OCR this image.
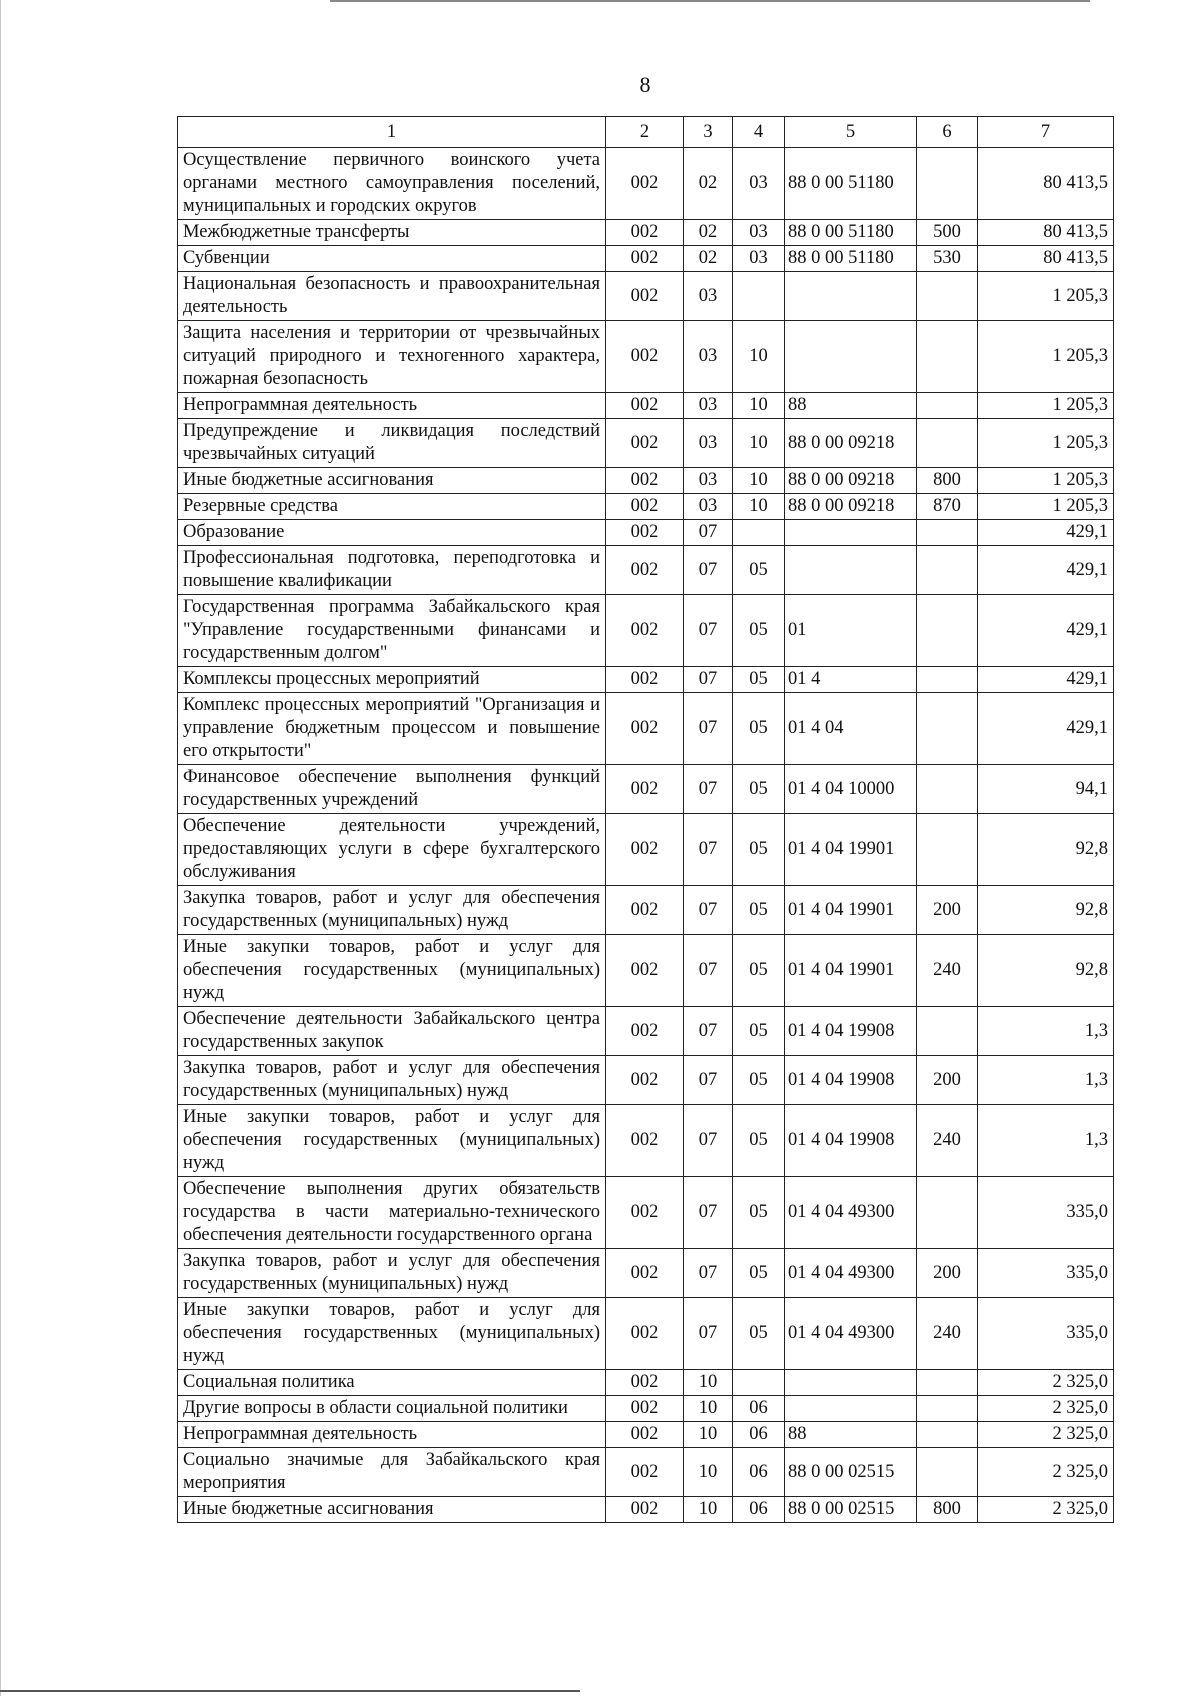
8
1	2	3	4	5	6	7
Осуществление первичного воинского учета органами местного самоуправления поселений, муниципальных и городских округов	002	02	03	88 0 00 51180		80 413,5
Межбюджетные трансферты	002	02	03	88 0 00 51180	500	80 413,5
Субвенции	002	02	03	88 0 00 51180	530	80 413,5
Национальная безопасность и правоохранительная деятельность	002	03				1 205,3
Защита населения и территории от чрезвычайных ситуаций природного и техногенного характера, пожарная безопасность	002	03	10			1 205,3
Непрограммная деятельность	002	03	10	88		1 205,3
Предупреждение и ликвидация последствий чрезвычайных ситуаций	002	03	10	88 0 00 09218		1 205,3
Иные бюджетные ассигнования	002	03	10	88 0 00 09218	800	1 205,3
Резервные средства	002	03	10	88 0 00 09218	870	1 205,3
Образование	002	07				429,1
Профессиональная подготовка, переподготовка и повышение квалификации	002	07	05			429,1
Государственная программа Забайкальского края "Управление государственными финансами и государственным долгом"	002	07	05	01		429,1
Комплексы процессных мероприятий	002	07	05	01 4		429,1
Комплекс процессных мероприятий "Организация и управление бюджетным процессом и повышение его открытости"	002	07	05	01 4 04		429,1
Финансовое обеспечение выполнения функций государственных учреждений	002	07	05	01 4 04 10000		94,1
Обеспечение деятельности учреждений, предоставляющих услуги в сфере бухгалтерского обслуживания	002	07	05	01 4 04 19901		92,8
Закупка товаров, работ и услуг для обеспечения государственных (муниципальных) нужд	002	07	05	01 4 04 19901	200	92,8
Иные закупки товаров, работ и услуг для обеспечения государственных (муниципальных) нужд	002	07	05	01 4 04 19901	240	92,8
Обеспечение деятельности Забайкальского центра государственных закупок	002	07	05	01 4 04 19908		1,3
Закупка товаров, работ и услуг для обеспечения государственных (муниципальных) нужд	002	07	05	01 4 04 19908	200	1,3
Иные закупки товаров, работ и услуг для обеспечения государственных (муниципальных) нужд	002	07	05	01 4 04 19908	240	1,3
Обеспечение выполнения других обязательств государства в части материально-технического обеспечения деятельности государственного органа	002	07	05	01 4 04 49300		335,0
Закупка товаров, работ и услуг для обеспечения государственных (муниципальных) нужд	002	07	05	01 4 04 49300	200	335,0
Иные закупки товаров, работ и услуг для обеспечения государственных (муниципальных) нужд	002	07	05	01 4 04 49300	240	335,0
Социальная политика	002	10				2 325,0
Другие вопросы в области социальной политики	002	10	06			2 325,0
Непрограммная деятельность	002	10	06	88		2 325,0
Социально значимые для Забайкальского края мероприятия	002	10	06	88 0 00 02515		2 325,0
Иные бюджетные ассигнования	002	10	06	88 0 00 02515	800	2 325,0
